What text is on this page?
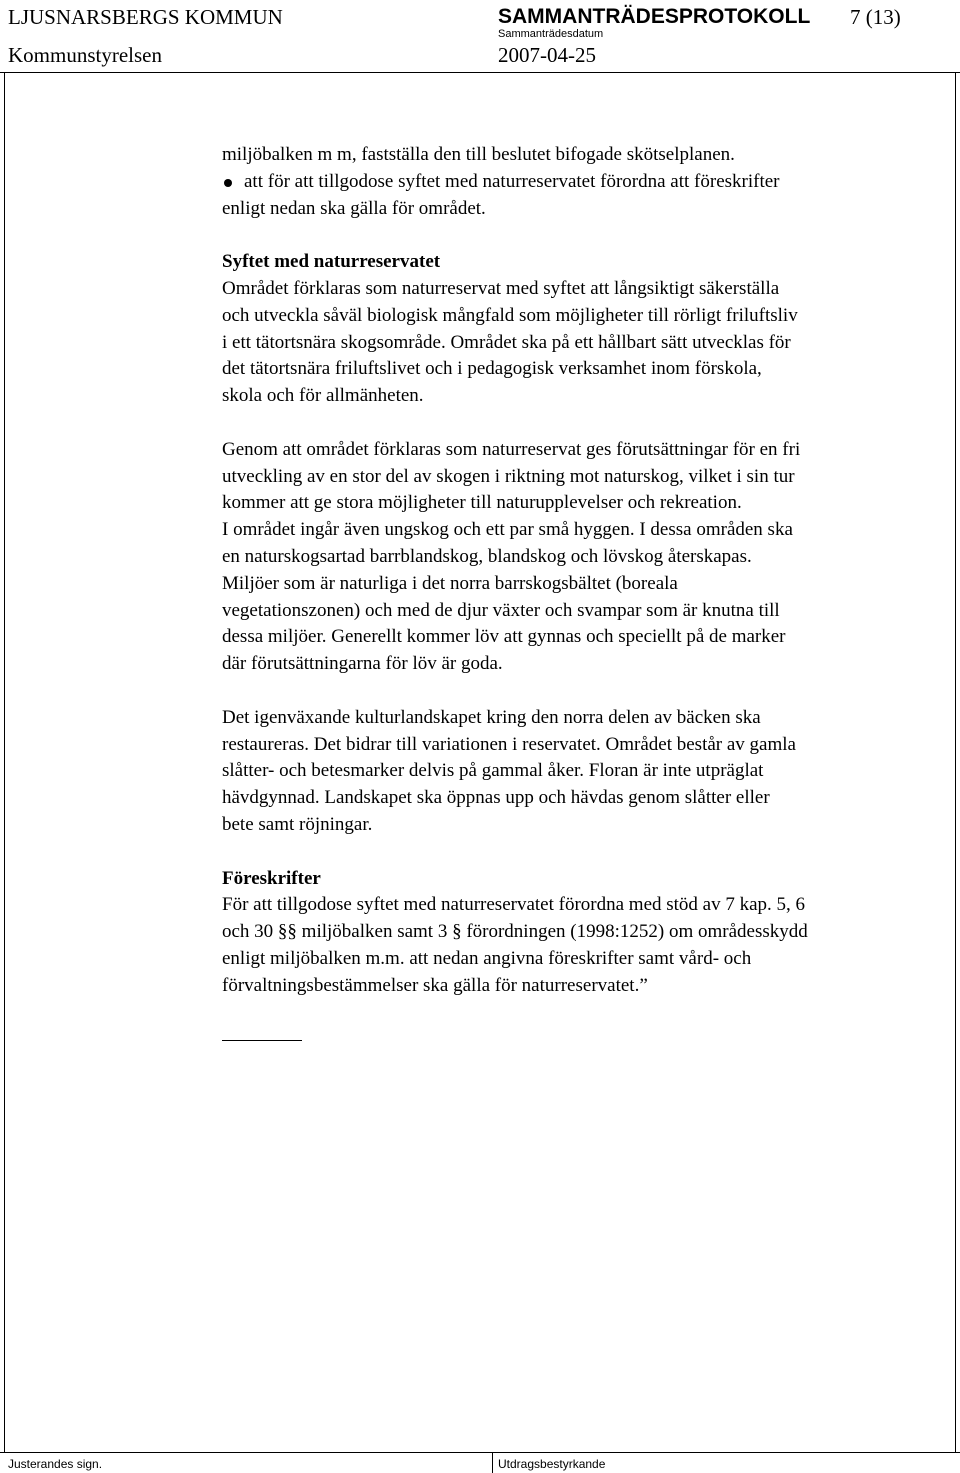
LJUSNARSBERGS KOMMUN	SAMMANTRÄDESPROTOKOLL 7 (13)
Kommunstyrelsen
Sammanträdesdatum
2007-04-25

miljöbalken m m, fastställa den till beslutet bifogade skötselplanen.

att för att tillgodose syftet med naturreservatet förordna att föreskrifter

enligt nedan ska gälla för området.

Syftet med naturreservatet

Området förklaras som naturreservat med syftet att långsiktigt säkerställa

och utveckla såväl biologisk mångfald som möjligheter till rörligt friluftsliv

i ett tätortsnära skogsområde. Området ska på ett hållbart sätt utvecklas för

det tätortsnära friluftslivet och i pedagogisk verksamhet inom förskola,

skola och för allmänheten.

Genom att området förklaras som naturreservat ges förutsättningar för en fri

utveckling av en stor del av skogen i riktning mot naturskog, vilket i sin tur

kommer att ge stora möjligheter till naturupplevelser och rekreation.

I området ingår även ungskog och ett par små hyggen. I dessa områden ska

en naturskogsartad barrblandskog, blandskog och lövskog återskapas.

Miljöer som är naturliga i det norra barrskogsbältet (boreala

vegetationszonen) och med de djur växter och svampar som är knutna till

dessa miljöer. Generellt kommer löv att gynnas och speciellt på de marker

där förutsättningarna för löv är goda.

Det igenväxande kulturlandskapet kring den norra delen av bäcken ska

restaureras. Det bidrar till variationen i reservatet. Området består av gamla

slåtter- och betesmarker delvis på gammal åker. Floran är inte utpräglat

hävdgynnad. Landskapet ska öppnas upp och hävdas genom slåtter eller

bete samt röjningar.

Föreskrifter

För att tillgodose syftet med naturreservatet förordna med stöd av 7 kap. 5, 6

och 30 §§ miljöbalken samt 3 § förordningen (1998:1252) om områdesskydd

enligt miljöbalken m.m. att nedan angivna föreskrifter samt vård- och

förvaltningsbestämmelser ska gälla för naturreservatet.”

Justerandes sign.	Utdragsbestyrkande
